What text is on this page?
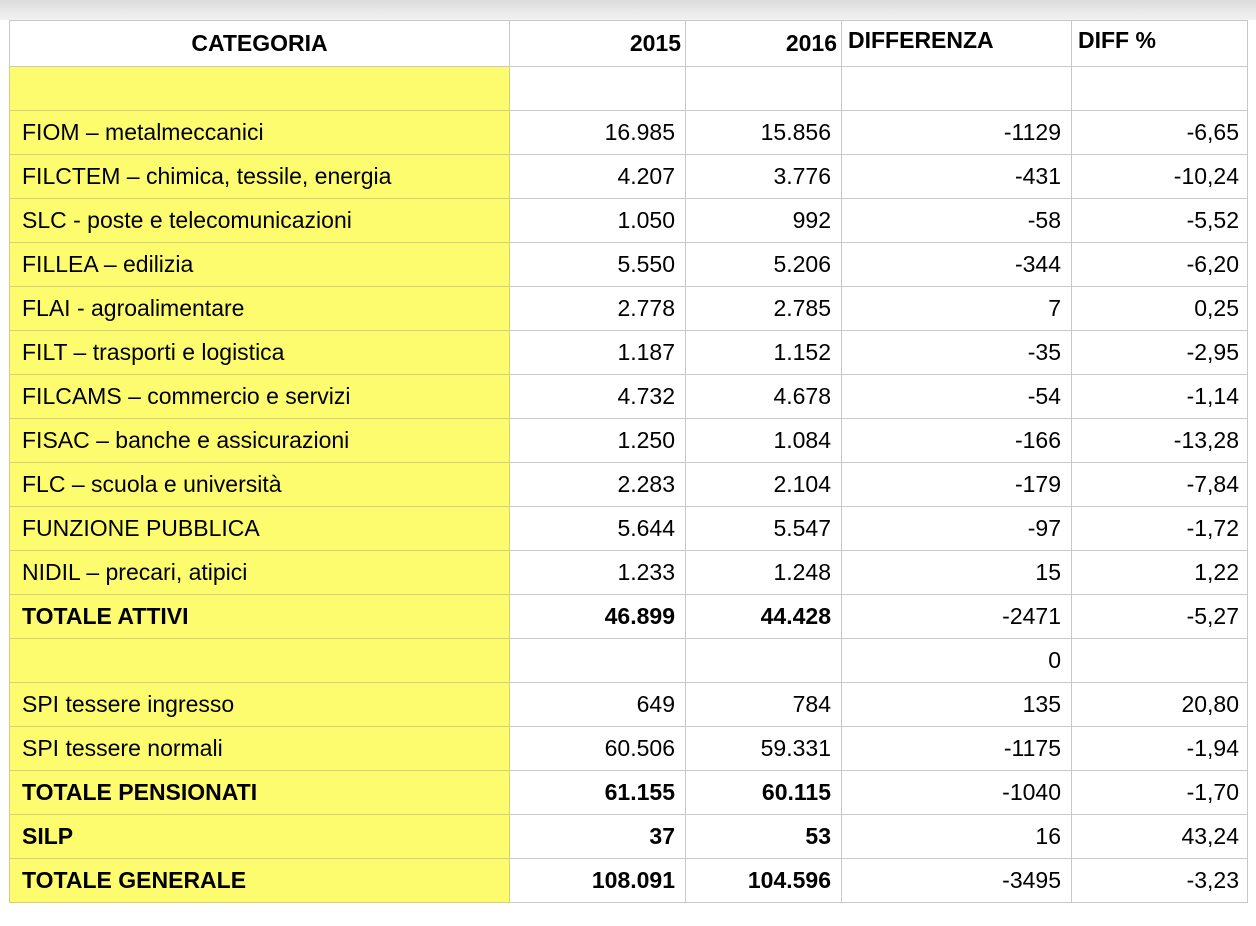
CATEGORIA	2015	2016	DIFFERENZA	DIFF %

FIOM – metalmeccanici	16.985	15.856	-1129	-6,65
FILCTEM – chimica, tessile, energia	4.207	3.776	-431	-10,24
SLC - poste e telecomunicazioni	1.050	992	-58	-5,52
FILLEA – edilizia	5.550	5.206	-344	-6,20
FLAI - agroalimentare	2.778	2.785	7	0,25
FILT – trasporti e logistica	1.187	1.152	-35	-2,95
FILCAMS – commercio e servizi	4.732	4.678	-54	-1,14
FISAC – banche e assicurazioni	1.250	1.084	-166	-13,28
FLC – scuola e università	2.283	2.104	-179	-7,84
FUNZIONE PUBBLICA	5.644	5.547	-97	-1,72
NIDIL – precari, atipici	1.233	1.248	15	1,22
TOTALE ATTIVI	46.899	44.428	-2471	-5,27
			0	
SPI tessere ingresso	649	784	135	20,80
SPI tessere normali	60.506	59.331	-1175	-1,94
TOTALE PENSIONATI	61.155	60.115	-1040	-1,70
SILP	37	53	16	43,24
TOTALE GENERALE	108.091	104.596	-3495	-3,23
